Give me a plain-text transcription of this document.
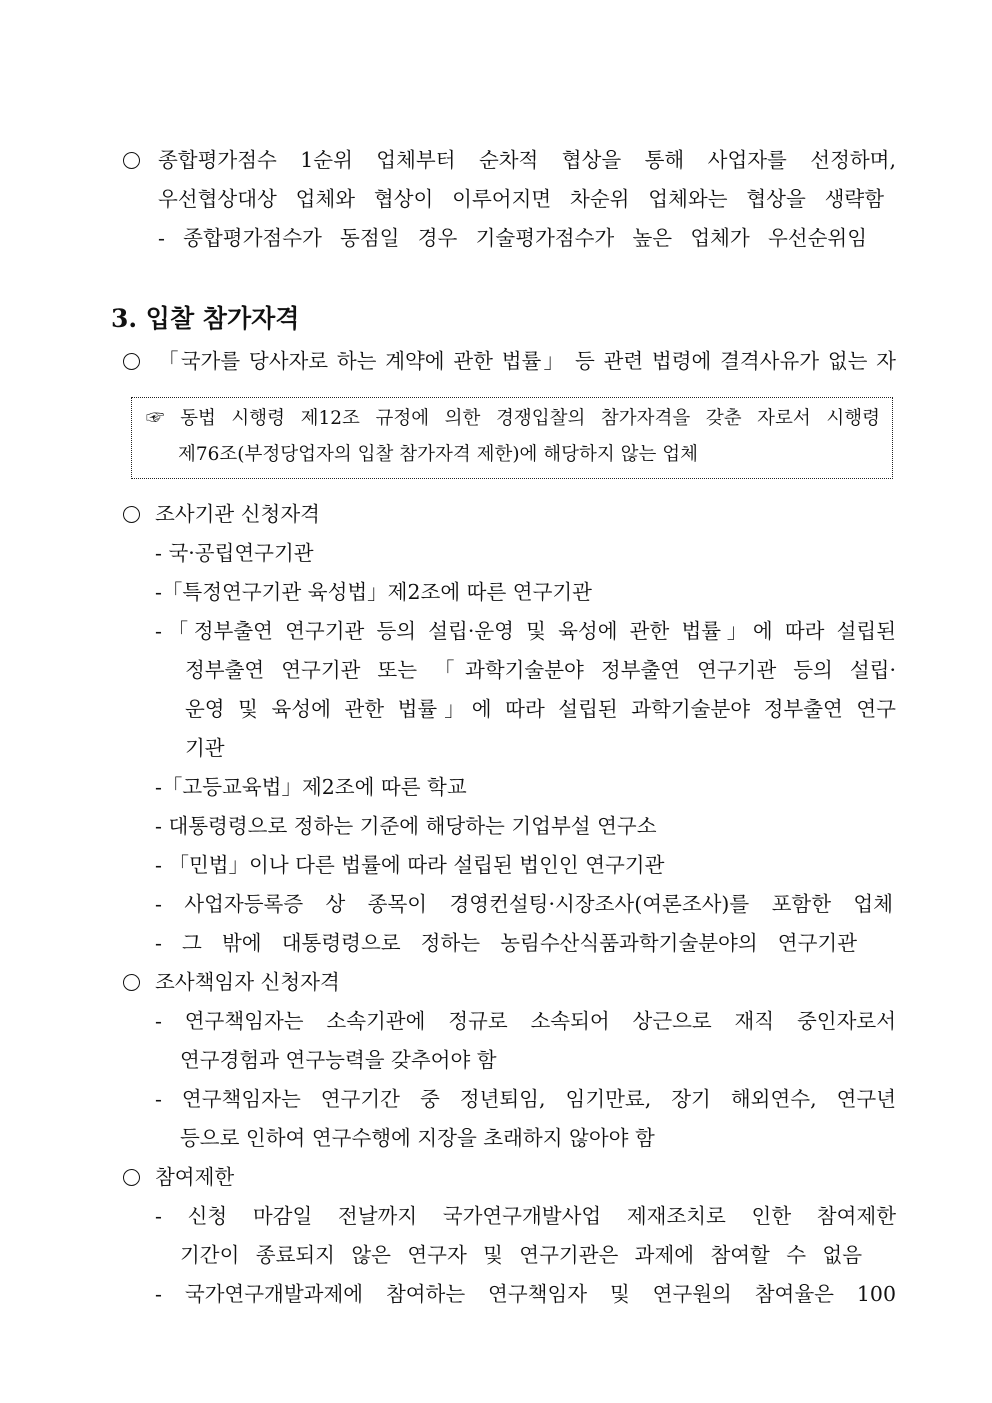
종합평가점수 1순위 업체부터 순차적 협상을 통해 사업자를 선정하며,
우선협상대상 업체와 협상이 이루어지면 차순위 업체와는 협상을 생략함
- 종합평가점수가 동점일 경우 기술평가점수가 높은 업체가 우선순위임
3. 입찰 참가자격
「국가를 당사자로 하는 계약에 관한 법률」 등 관련 법령에 결격사유가 없는 자
☞ 동법 시행령 제12조 규정에 의한 경쟁입찰의 참가자격을 갖춘 자로서 시행령
제76조(부정당업자의 입찰 참가자격 제한)에 해당하지 않는 업체
조사기관 신청자격
- 국·공립연구기관
-「특정연구기관 육성법」제2조에 따른 연구기관
-「정부출연 연구기관 등의 설립·운영 및 육성에 관한 법률」에 따라 설립된
정부출연 연구기관 또는 「과학기술분야 정부출연 연구기관 등의 설립·
운영 및 육성에 관한 법률」에 따라 설립된 과학기술분야 정부출연 연구
기관
-「고등교육법」제2조에 따른 학교
- 대통령령으로 정하는 기준에 해당하는 기업부설 연구소
- 「민법」이나 다른 법률에 따라 설립된 법인인 연구기관
- 사업자등록증 상 종목이 경영컨설팅·시장조사(여론조사)를 포함한 업체
- 그 밖에 대통령령으로 정하는 농림수산식품과학기술분야의 연구기관
조사책임자 신청자격
- 연구책임자는 소속기관에 정규로 소속되어 상근으로 재직 중인자로서
연구경험과 연구능력을 갖추어야 함
- 연구책임자는 연구기간 중 정년퇴임, 임기만료, 장기 해외연수, 연구년
등으로 인하여 연구수행에 지장을 초래하지 않아야 함
참여제한
- 신청 마감일 전날까지 국가연구개발사업 제재조치로 인한 참여제한
기간이 종료되지 않은 연구자 및 연구기관은 과제에 참여할 수 없음
- 국가연구개발과제에 참여하는 연구책임자 및 연구원의 참여율은 100
